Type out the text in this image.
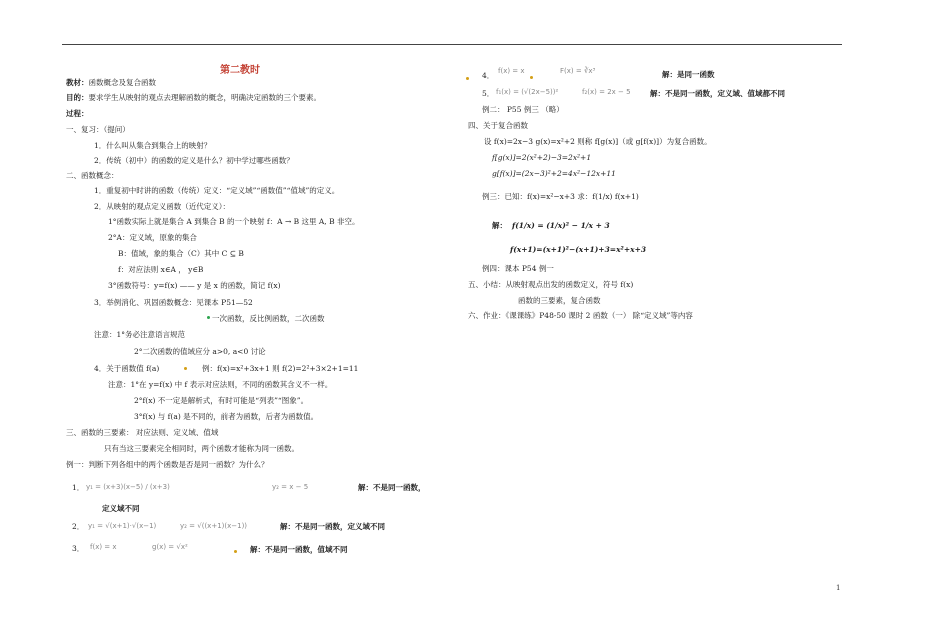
第二教时
教材：函数概念及复合函数
目的：要求学生从映射的观点去理解函数的概念，明确决定函数的三个要素。
过程：
一、复习：（提问）
1．什么叫从集合到集合上的映射？
2．传统（初中）的函数的定义是什么？初中学过哪些函数？
二、函数概念：
1．重复初中时讲的函数（传统）定义：“定义域”“函数值”“值域”的定义。
2．从映射的观点定义函数（近代定义）：
1°函数实际上就是集合 A 到集合 B 的一个映射 f：A → B 这里 A, B 非空。
2°A：定义域，原象的集合
B：值域，象的集合（C）其中 C ⊆ B
f：对应法则 x∈A ， y∈B
3°函数符号：y=f(x) —— y 是 x 的函数，简记 f(x)
3．举例消化、巩固函数概念：见课本 P51—52
一次函数，反比例函数，二次函数
注意：1°务必注意语言规范
2°二次函数的值域应分 a>0, a<0 讨论
4．关于函数值 f(a)	例：f(x)=x²+3x+1 则 f(2)=2²+3×2+1=11
注意：1°在 y=f(x) 中 f 表示对应法则，不同的函数其含义不一样。
2°f(x) 不一定是解析式，有时可能是“列表”“图象”。
3°f(x) 与 f(a) 是不同的，前者为函数，后者为函数值。
三、函数的三要素： 对应法则、定义域、值域
只有当这三要素完全相同时，两个函数才能称为同一函数。
例一：判断下列各组中的两个函数是否是同一函数？为什么？
1． y₁ = (x+3)(x−5) / (x+3)	y₂ = x − 5	解：不是同一函数，
定义域不同
2． y₁ = √(x+1)·√(x−1)	y₂ = √((x+1)(x−1))	解：不是同一函数，定义域不同
3． f(x) = x	g(x) = √x²	解：不是同一函数，值域不同
4． f(x) = x	F(x) = ∛x³	解：是同一函数
5． f₁(x) = (√(2x−5))²	f₂(x) = 2x − 5	解：不是同一函数，定义域、值域都不同
例二： P55 例三 （略）
四、关于复合函数
设 f(x)=2x−3 g(x)=x²+2 则称 f[g(x)]（或 g[f(x)]）为复合函数。
f[g(x)]=2(x²+2)−3=2x²+1
g[f(x)]=(2x−3)²+2=4x²−12x+11
例三：已知：f(x)=x²−x+3 求：f(1/x) f(x+1)
解： f(1/x) = (1/x)² − 1/x + 3
f(x+1)=(x+1)²−(x+1)+3=x²+x+3
例四：课本 P54 例一
五、小结：从映射观点出发的函数定义，符号 f(x)
函数的三要素，复合函数
六、作业：《课课练》P48-50 课时 2 函数（一） 除“定义域”等内容
1
